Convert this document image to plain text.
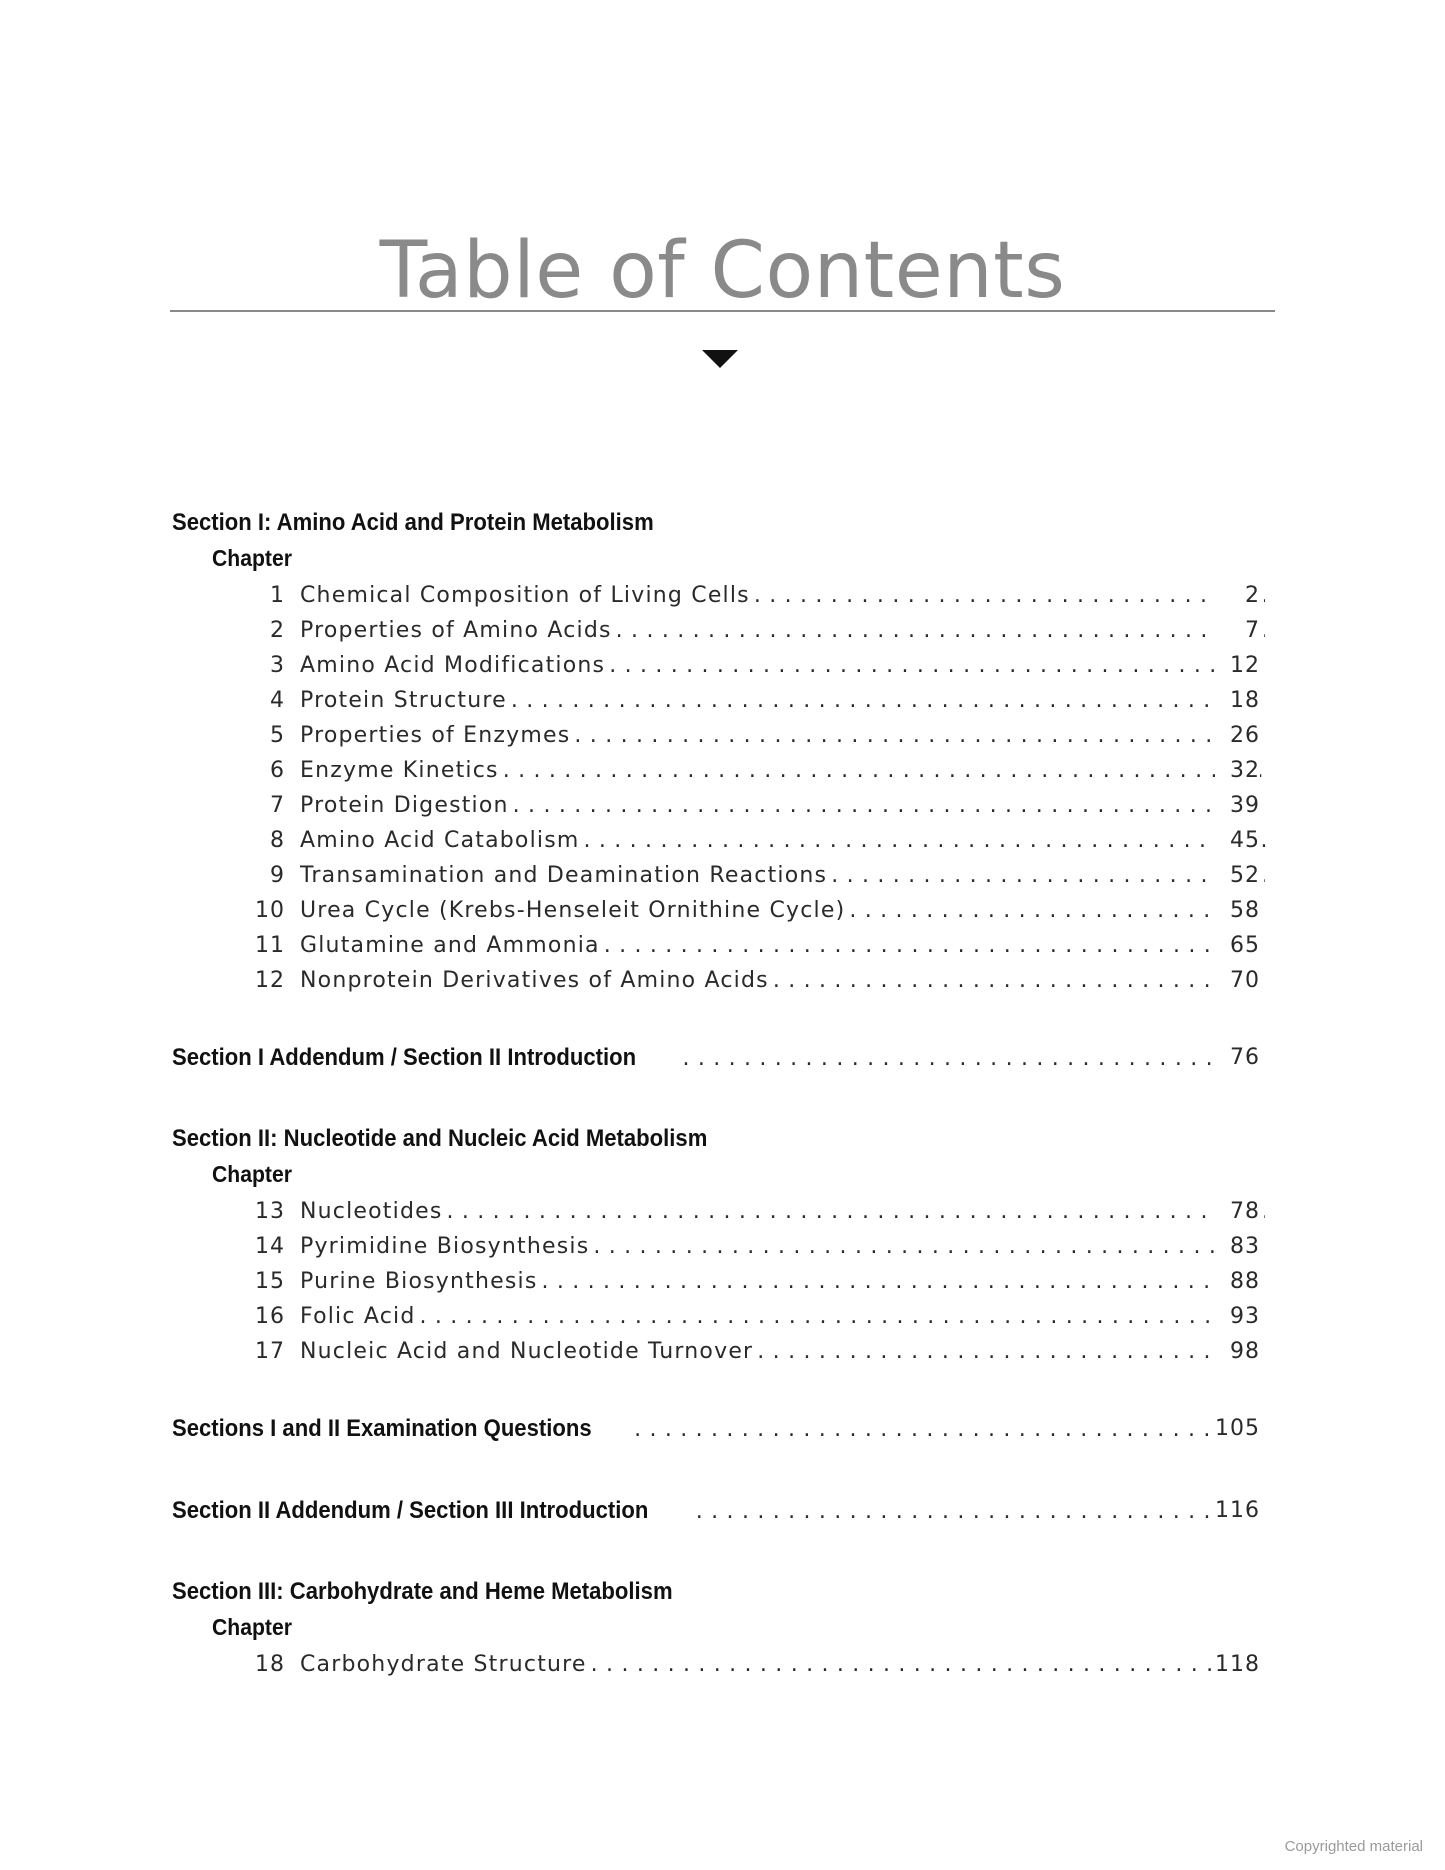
Table of Contents
Section I: Amino Acid and Protein Metabolism
Chapter
1 Chemical Composition of Living Cells . . .	2
2 Properties of Amino Acids . . .	7
3 Amino Acid Modifications . . .	12
4 Protein Structure . . .	18
5 Properties of Enzymes . . .	26
6 Enzyme Kinetics . . .	32
7 Protein Digestion . . .	39
8 Amino Acid Catabolism . . .	45
9 Transamination and Deamination Reactions . . .	52
10 Urea Cycle (Krebs-Henseleit Ornithine Cycle) . . .	58
11 Glutamine and Ammonia . . .	65
12 Nonprotein Derivatives of Amino Acids . . .	70
Section I Addendum / Section II Introduction . . .	76
Section II: Nucleotide and Nucleic Acid Metabolism
Chapter
13 Nucleotides . . .	78
14 Pyrimidine Biosynthesis . . .	83
15 Purine Biosynthesis . . .	88
16 Folic Acid . . .	93
17 Nucleic Acid and Nucleotide Turnover . . .	98
Sections I and II Examination Questions . . .	105
Section II Addendum / Section III Introduction . . .	116
Section III: Carbohydrate and Heme Metabolism
Chapter
18 Carbohydrate Structure . . .	118
Copyrighted material
